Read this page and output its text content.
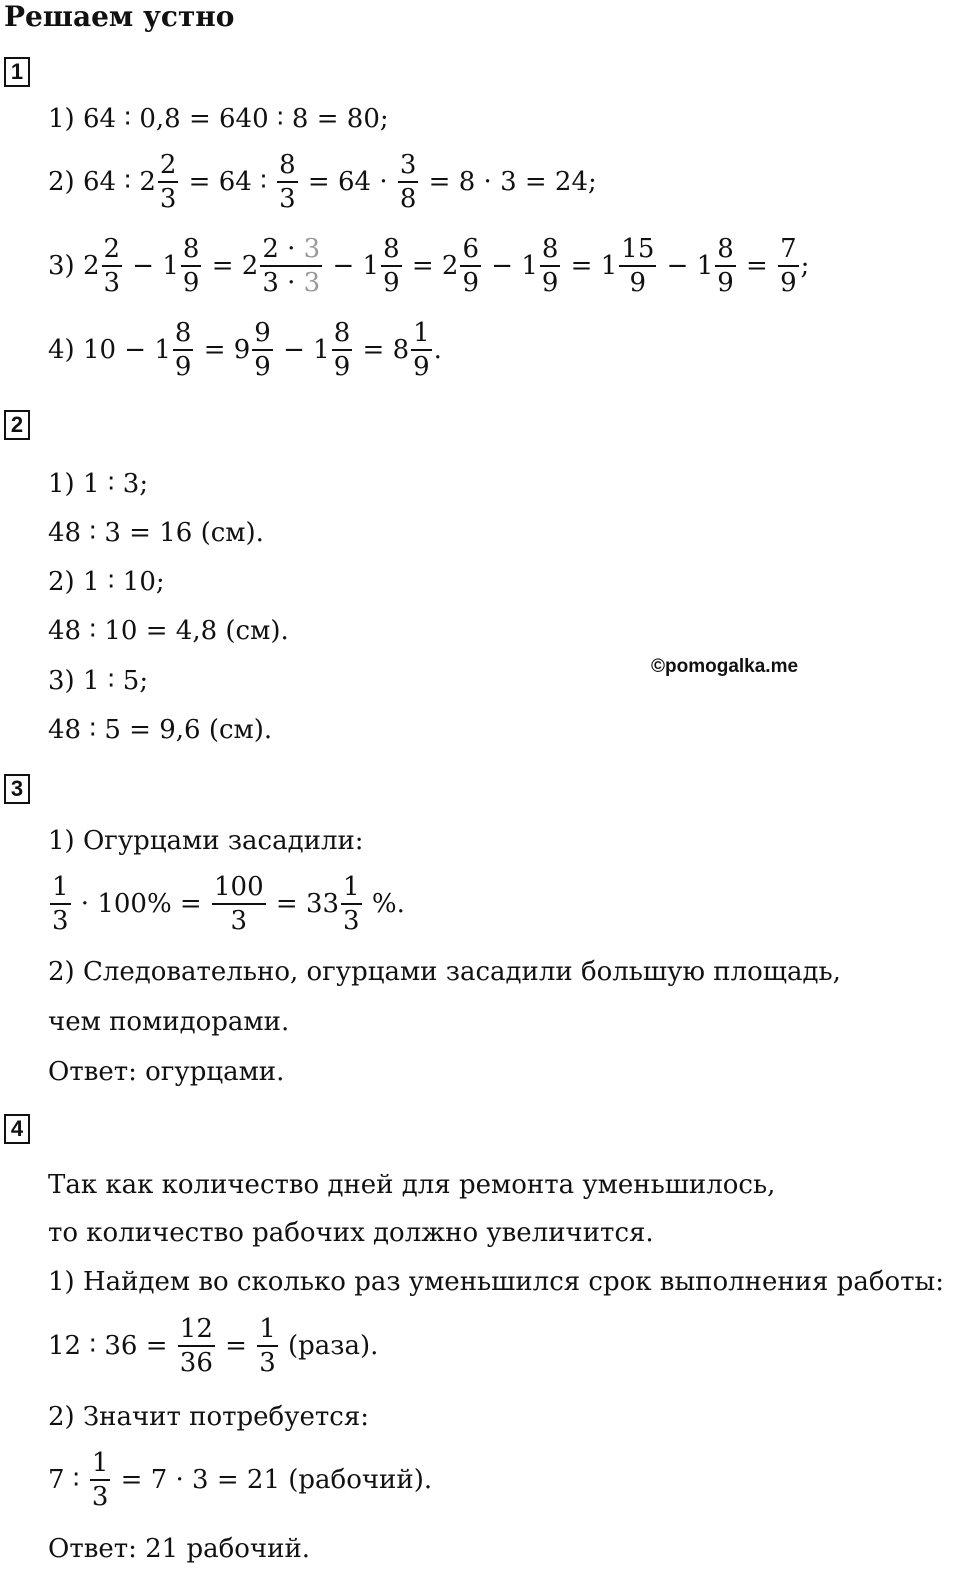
Решаем устно
1
1) 64 ∶ 0,8 = 640 ∶ 8 = 80;
2) 64 ∶ $2 \frac{2}{3} = 64$ ∶ $\frac{8}{3} = 64 \cdot \frac{3}{8} = 8 \cdot 3 = 24$;
3) $2 \frac{2}{3} - 1 \frac{8}{9} = 2 \frac{2 \cdot 3}{3 \cdot 3} - 1 \frac{8}{9} = 2 \frac{6}{9} - 1 \frac{8}{9} = 1 \frac{15}{9} - 1 \frac{8}{9} = \frac{7}{9}$ ;
4) $10 - 1 \frac{8}{9} = 9 \frac{9}{9} - 1 \frac{8}{9} = 8 \frac{1}{9}$ .
2
1) 1 ∶ 3;
48 ∶ 3 = 16 (см).
2) 1 ∶ 10;
48 ∶ 10 = 4,8 (см).
3) 1 ∶ 5;
48 ∶ 5 = 9,6 (см).
©pomogalka.me
3
1) Огурцами засадили:
$\frac{1}{3} \cdot 100\% = \frac{100}{3} = 33 \frac{1}{3}$ %.
2) Следовательно, огурцами засадили большую площадь,
чем помидорами.
Ответ: огурцами.
4
Так как количество дней для ремонта уменьшилось,
то количество рабочих должно увеличится.
1) Найдем во сколько раз уменьшился срок выполнения работы:
12 ∶ $36 = \frac{12}{36} = \frac{1}{3}$ (раза).
2) Значит потребуется:
7 ∶ $\frac{1}{3} = 7 \cdot 3 = 21$ (рабочий).
Ответ: 21 рабочий.
